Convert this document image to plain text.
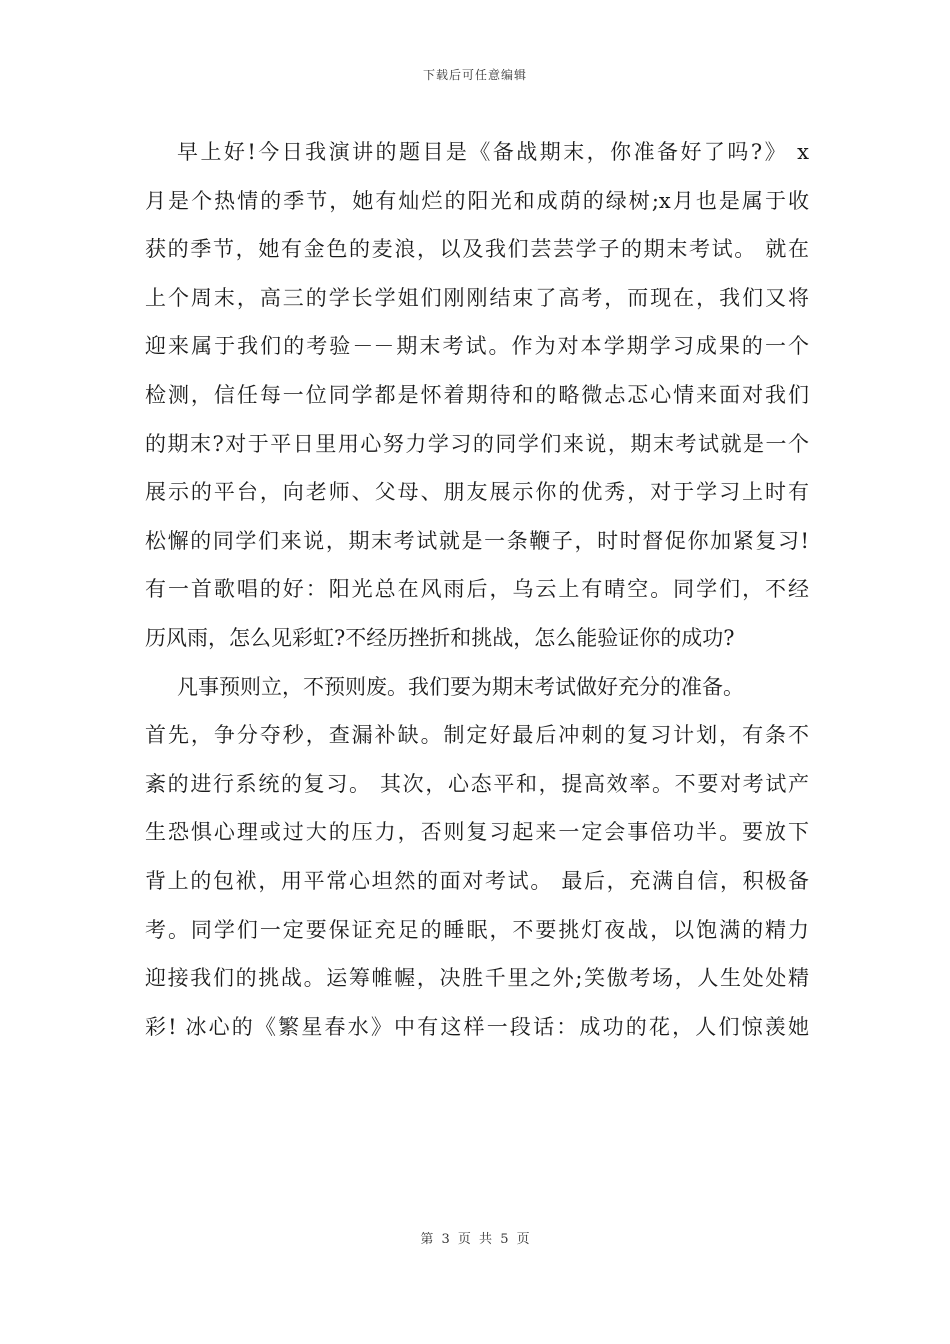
下载后可任意编辑
早上好!今日我演讲的题目是《备战期末，你准备好了吗?》 x
月是个热情的季节，她有灿烂的阳光和成荫的绿树;x月也是属于收
获的季节，她有金色的麦浪，以及我们芸芸学子的期末考试。 就在
上个周末，高三的学长学姐们刚刚结束了高考，而现在，我们又将
迎来属于我们的考验－－期末考试。作为对本学期学习成果的一个
检测，信任每一位同学都是怀着期待和的略微忐忑心情来面对我们
的期末?对于平日里用心努力学习的同学们来说，期末考试就是一个
展示的平台，向老师、父母、朋友展示你的优秀，对于学习上时有
松懈的同学们来说，期末考试就是一条鞭子，时时督促你加紧复习!
有一首歌唱的好：阳光总在风雨后，乌云上有晴空。同学们，不经
历风雨，怎么见彩虹?不经历挫折和挑战，怎么能验证你的成功?
凡事预则立，不预则废。我们要为期末考试做好充分的准备。
首先，争分夺秒，查漏补缺。制定好最后冲刺的复习计划，有条不
紊的进行系统的复习。 其次，心态平和，提高效率。不要对考试产
生恐惧心理或过大的压力，否则复习起来一定会事倍功半。要放下
背上的包袱，用平常心坦然的面对考试。 最后，充满自信，积极备
考。同学们一定要保证充足的睡眠，不要挑灯夜战，以饱满的精力
迎接我们的挑战。运筹帷幄，决胜千里之外;笑傲考场，人生处处精
彩! 冰心的《繁星春水》中有这样一段话：成功的花，人们惊羡她
第 3 页 共 5 页
